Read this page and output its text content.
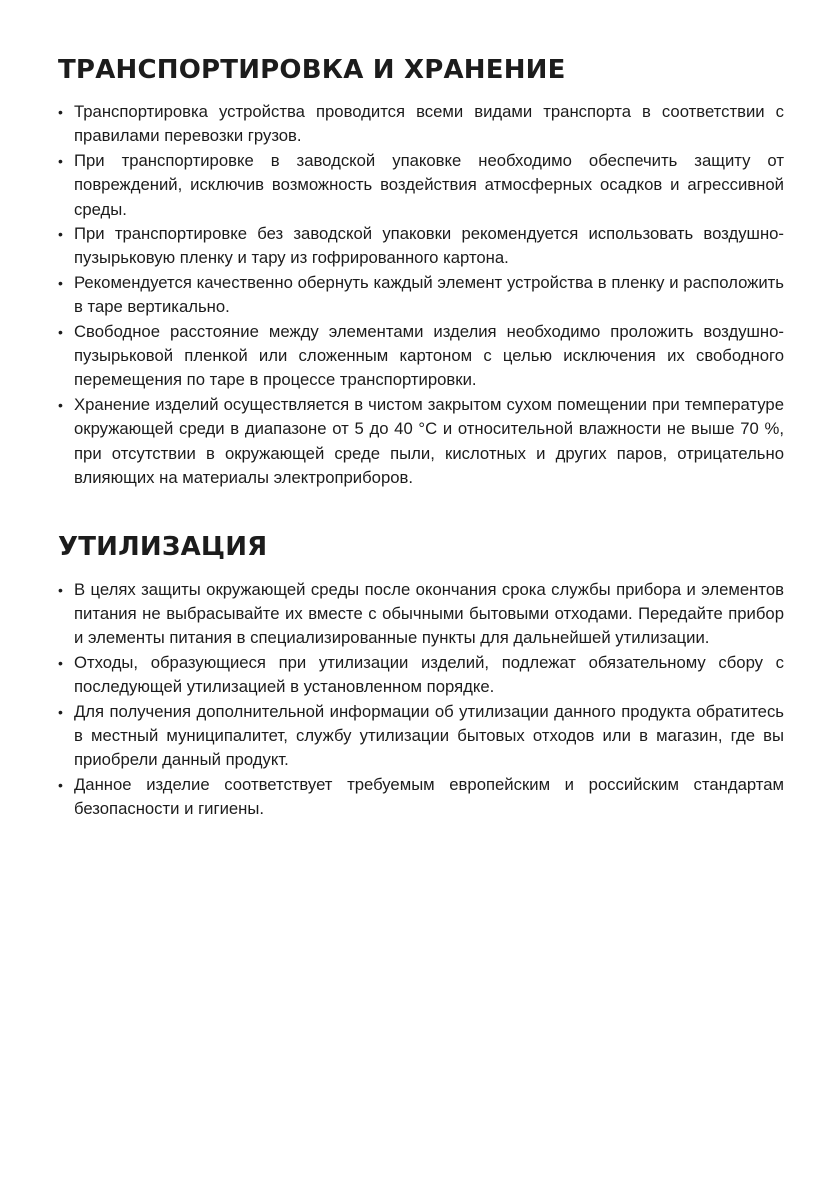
ТРАНСПОРТИРОВКА И ХРАНЕНИЕ
• Транспортировка устройства проводится всеми видами транспорта в соответствии с правилами перевозки грузов.
• При транспортировке в заводской упаковке необходимо обеспечить защиту от повреждений, исключив возможность воздействия атмосферных осадков и агрессивной среды.
• При транспортировке без заводской упаковки рекомендуется использовать воздушно-пузырьковую пленку и тару из гофрированного картона.
• Рекомендуется качественно обернуть каждый элемент устройства в пленку и расположить в таре вертикально.
• Свободное расстояние между элементами изделия необходимо проложить воздушно-пузырьковой пленкой или сложенным картоном с целью исключения их свободного перемещения по таре в процессе транспортировки.
• Хранение изделий осуществляется в чистом закрытом сухом помещении при температуре окружающей среди в диапазоне от 5 до 40 °С и относительной влажности не выше 70 %, при отсутствии в окружающей среде пыли, кислотных и других паров, отрицательно влияющих на материалы электроприборов.
УТИЛИЗАЦИЯ
• В целях защиты окружающей среды после окончания срока службы прибора и элементов питания не выбрасывайте их вместе с обычными бытовыми отходами. Передайте прибор и элементы питания в специализированные пункты для дальнейшей утилизации.
• Отходы, образующиеся при утилизации изделий, подлежат обязательному сбору с последующей утилизацией в установленном порядке.
• Для получения дополнительной информации об утилизации данного продукта обратитесь в местный муниципалитет, службу утилизации бытовых отходов или в магазин, где вы приобрели данный продукт.
• Данное изделие соответствует требуемым европейским и российским стандартам безопасности и гигиены.
